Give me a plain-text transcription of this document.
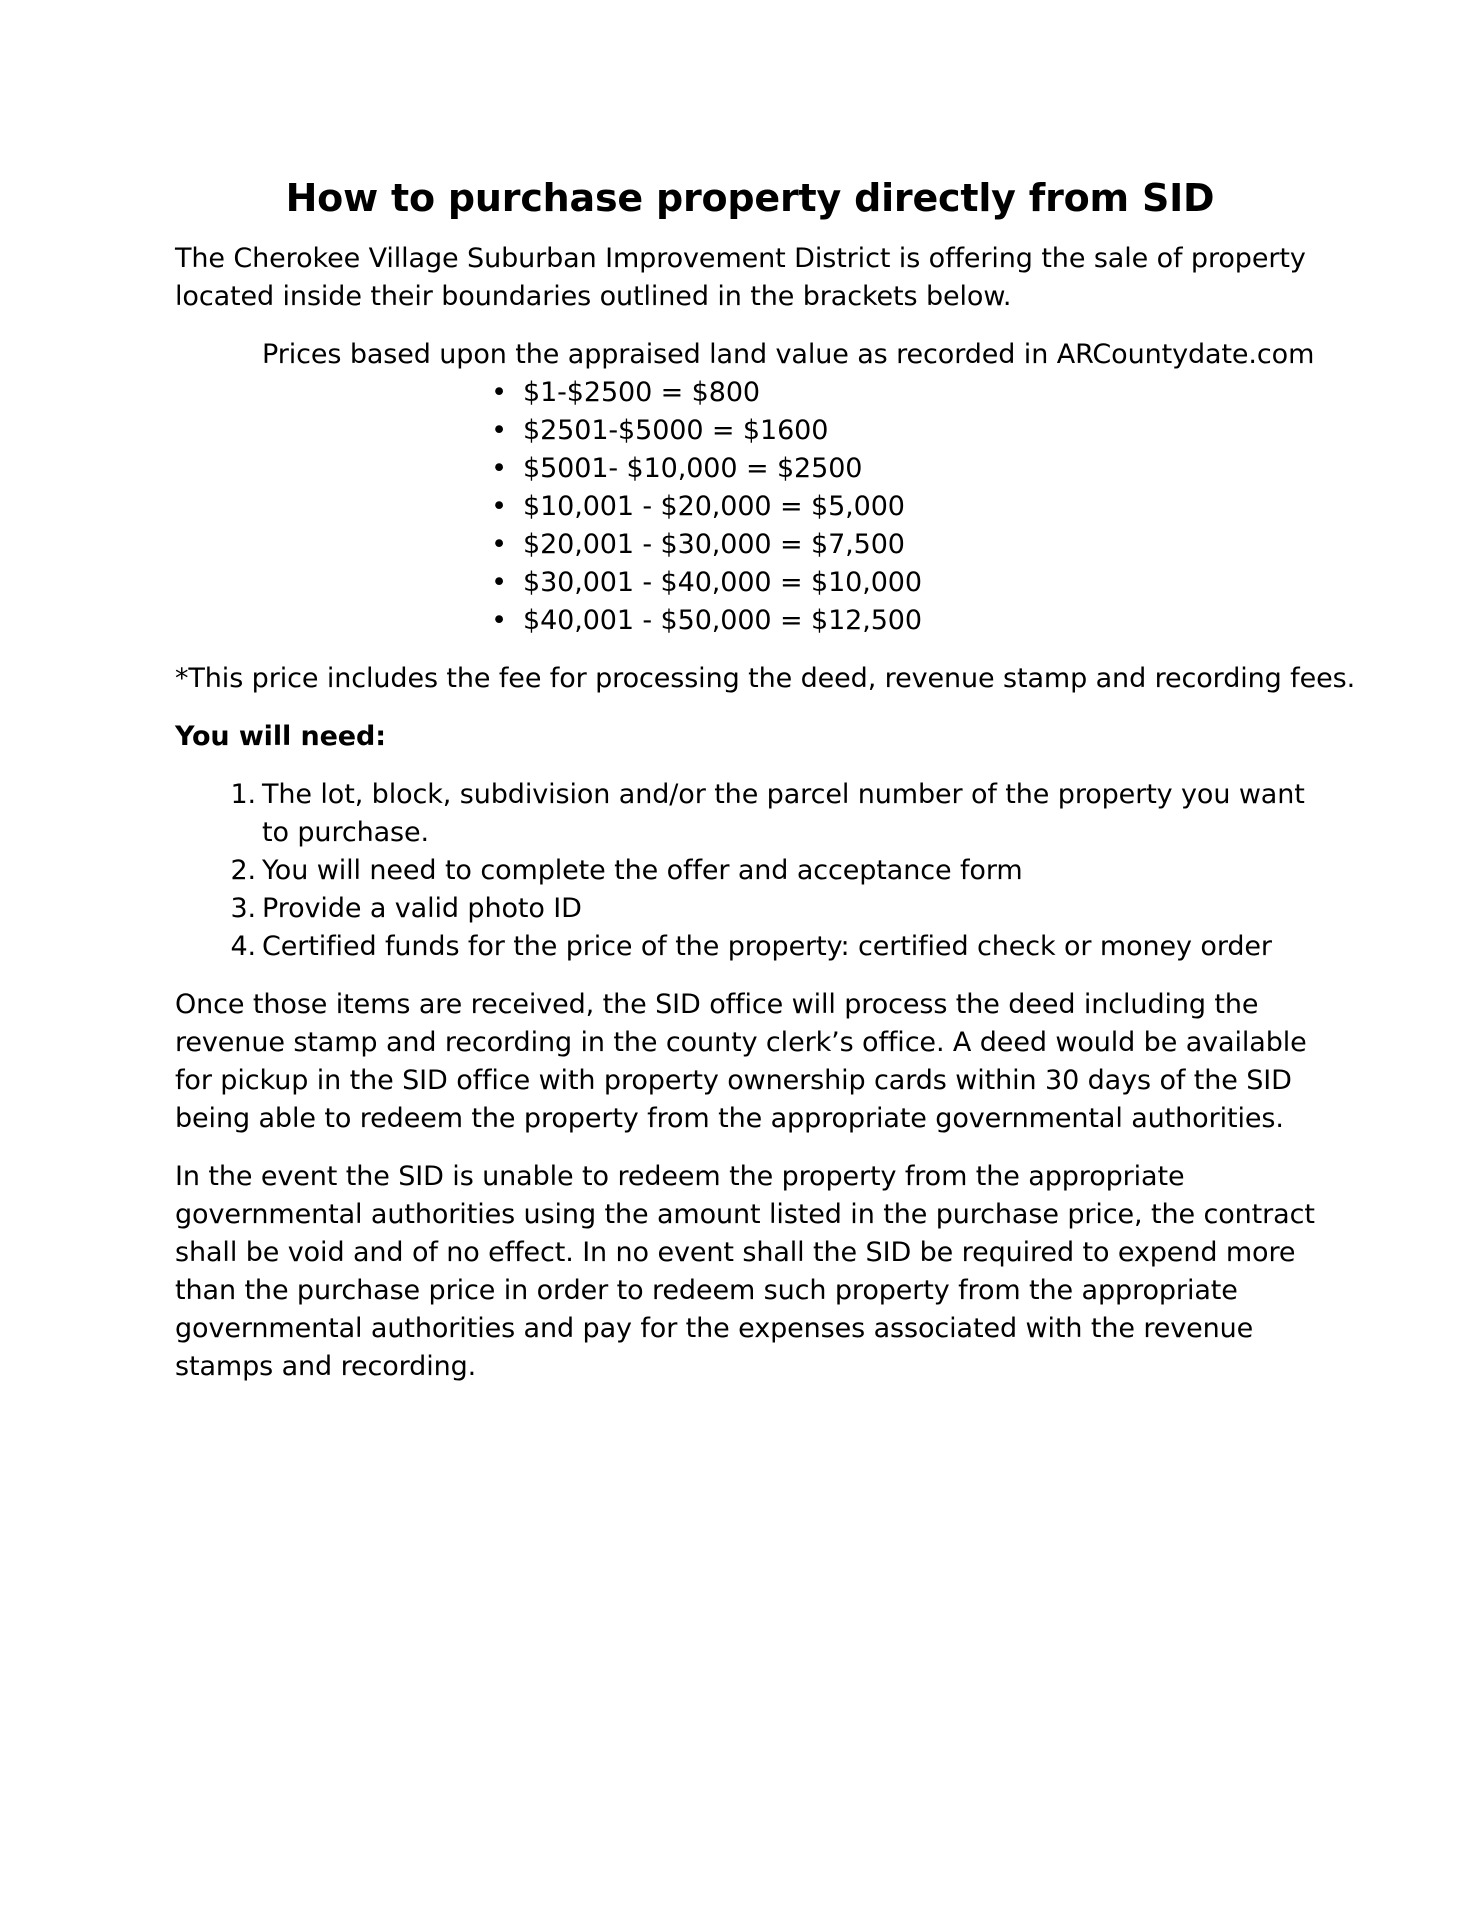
How to purchase property directly from SID

The Cherokee Village Suburban Improvement District is offering the sale of property located inside their boundaries outlined in the brackets below.

Prices based upon the appraised land value as recorded in ARCountydate.com

• $1-$2500 = $800
• $2501-$5000 = $1600
• $5001- $10,000 = $2500
• $10,001 - $20,000 = $5,000
• $20,001 - $30,000 = $7,500
• $30,001 - $40,000 = $10,000
• $40,001 - $50,000 = $12,500

*This price includes the fee for processing the deed, revenue stamp and recording fees.

You will need:

1. The lot, block, subdivision and/or the parcel number of the property you want to purchase.
2. You will need to complete the offer and acceptance form
3. Provide a valid photo ID
4. Certified funds for the price of the property: certified check or money order

Once those items are received, the SID office will process the deed including the revenue stamp and recording in the county clerk’s office. A deed would be available for pickup in the SID office with property ownership cards within 30 days of the SID being able to redeem the property from the appropriate governmental authorities.

In the event the SID is unable to redeem the property from the appropriate governmental authorities using the amount listed in the purchase price, the contract shall be void and of no effect. In no event shall the SID be required to expend more than the purchase price in order to redeem such property from the appropriate governmental authorities and pay for the expenses associated with the revenue stamps and recording.
